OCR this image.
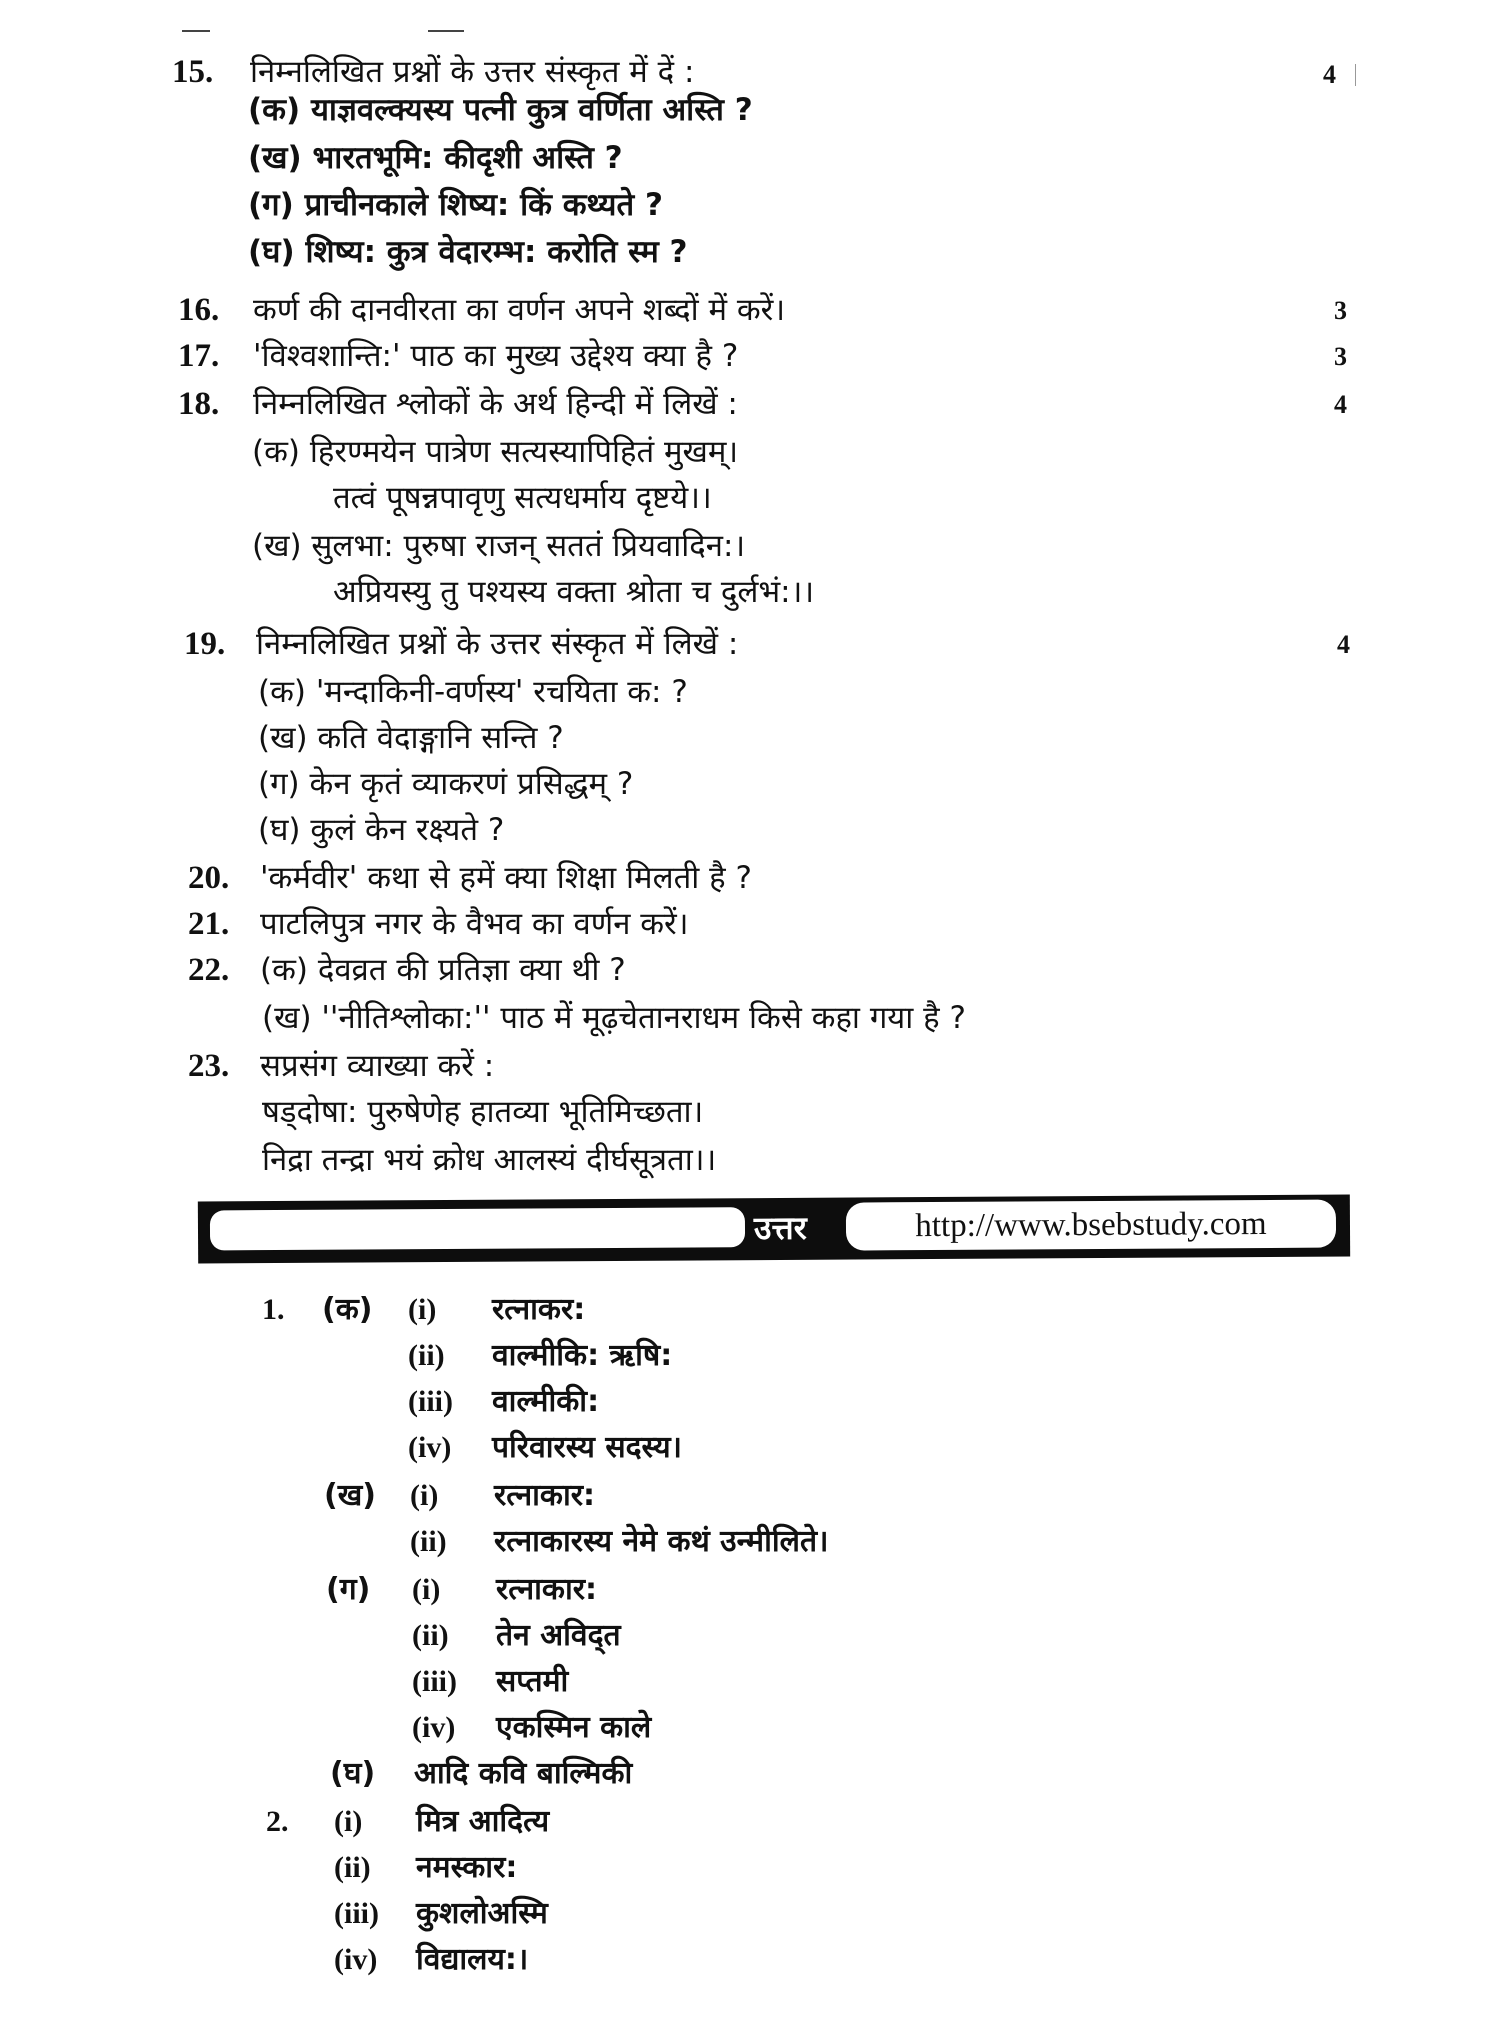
15. निम्नलिखित प्रश्नों के उत्तर संस्कृत में दें :	4
(क) याज्ञवल्क्यस्य पत्नी कुत्र वर्णिता अस्ति ?
(ख) भारतभूमि: कीदृशी अस्ति ?
(ग) प्राचीनकाले शिष्य: किं कथ्यते ?
(घ) शिष्य: कुत्र वेदारम्भ: करोति स्म ?
16. कर्ण की दानवीरता का वर्णन अपने शब्दों में करें।	3
17. 'विश्वशान्ति:' पाठ का मुख्य उद्देश्य क्या है ?	3
18. निम्नलिखित श्लोकों के अर्थ हिन्दी में लिखें :	4
(क) हिरण्मयेन पात्रेण सत्यस्यापिहितं मुखम्।
तत्वं पूषन्नपावृणु सत्यधर्माय दृष्टये।।
(ख) सुलभा: पुरुषा राजन् सततं प्रियवादिन:।
अप्रियस्यु तु पश्यस्य वक्ता श्रोता च दुर्लभं:।।
19. निम्नलिखित प्रश्नों के उत्तर संस्कृत में लिखें :	4
(क) 'मन्दाकिनी-वर्णस्य' रचयिता क: ?
(ख) कति वेदाङ्गानि सन्ति ?
(ग) केन कृतं व्याकरणं प्रसिद्धम् ?
(घ) कुलं केन रक्ष्यते ?
20. 'कर्मवीर' कथा से हमें क्या शिक्षा मिलती है ?
21. पाटलिपुत्र नगर के वैभव का वर्णन करें।
22. (क) देवव्रत की प्रतिज्ञा क्या थी ?
(ख) ''नीतिश्लोका:'' पाठ में मूढ़चेतानराधम किसे कहा गया है ?
23. सप्रसंग व्याख्या करें :
षड्दोषा: पुरुषेणेह हातव्या भूतिमिच्छता।
निद्रा तन्द्रा भयं क्रोध आलस्यं दीर्घसूत्रता।।
उत्तर	http://www.bsebstudy.com
1. (क) (i) रत्नाकर:
(ii) वाल्मीकि: ऋषि:
(iii) वाल्मीकी:
(iv) परिवारस्य सदस्य।
(ख) (i) रत्नाकार:
(ii) रत्नाकारस्य नेमे कथं उन्मीलिते।
(ग) (i) रत्नाकार:
(ii) तेन अविद्त
(iii) सप्तमी
(iv) एकस्मिन काले
(घ) आदि कवि बाल्मिकी
2. (i) मित्र आदित्य
(ii) नमस्कार:
(iii) कुशलोअस्मि
(iv) विद्यालय:।
